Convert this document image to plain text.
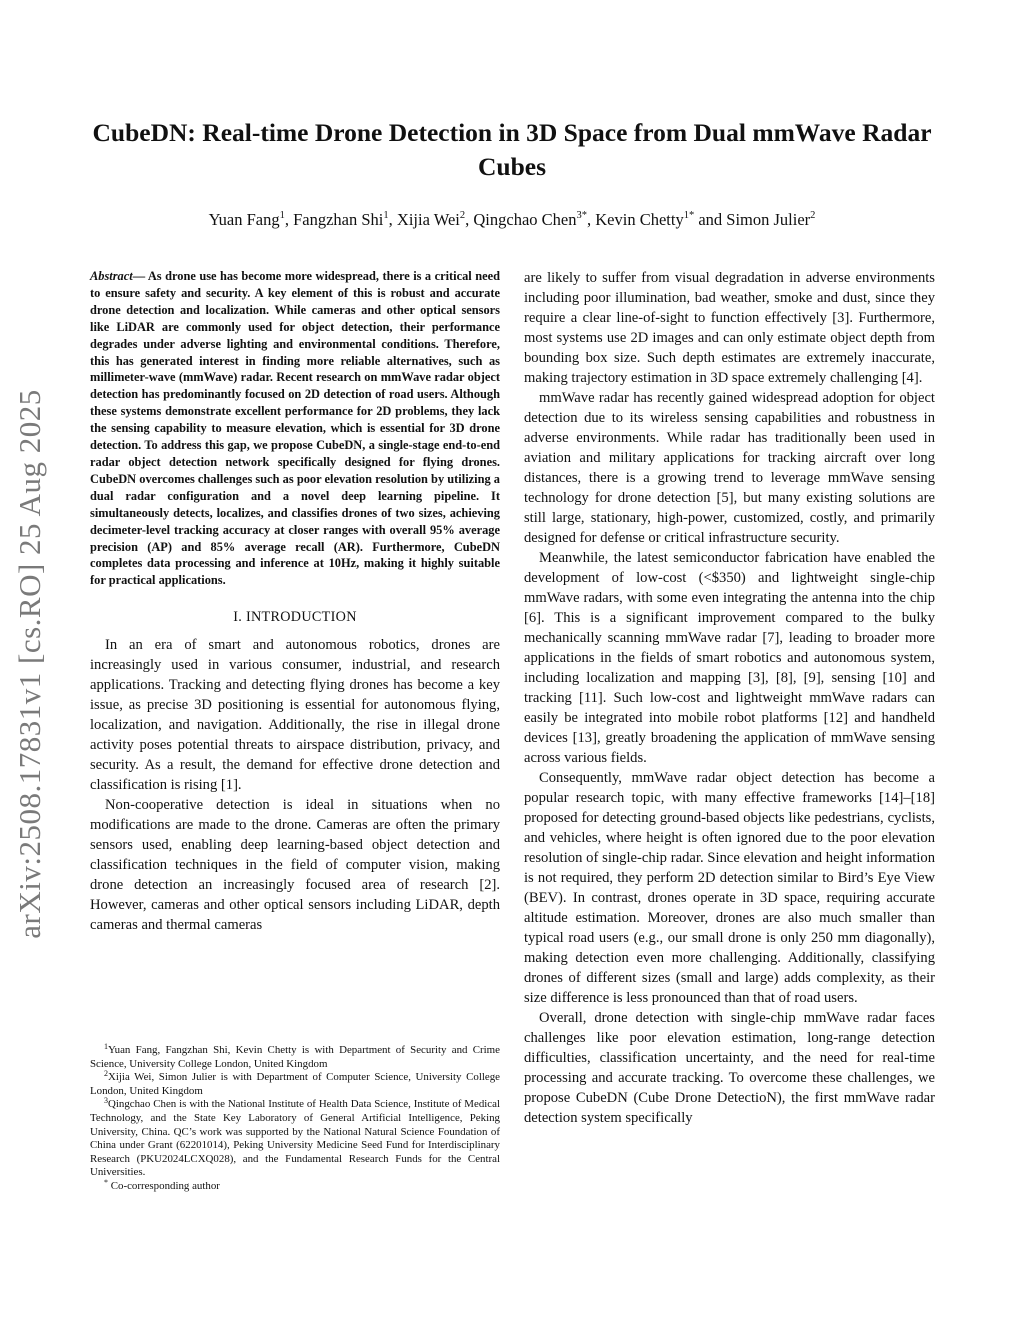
CubeDN: Real-time Drone Detection in 3D Space from Dual mmWave Radar Cubes
Yuan Fang$^1$, Fangzhan Shi$^1$, Xijia Wei$^2$, Qingchao Chen$^{3*}$, Kevin Chetty$^{1*}$ and Simon Julier$^2$
arXiv:2508.17831v1 [cs.RO] 25 Aug 2025

Abstract— As drone use has become more widespread, there is a critical need to ensure safety and security. A key element of this is robust and accurate drone detection and localization. While cameras and other optical sensors like LiDAR are commonly used for object detection, their performance degrades under adverse lighting and environmental conditions. Therefore, this has generated interest in finding more reliable alternatives, such as millimeter-wave (mmWave) radar. Recent research on mmWave radar object detection has predominantly focused on 2D detection of road users. Although these systems demonstrate excellent performance for 2D problems, they lack the sensing capability to measure elevation, which is essential for 3D drone detection. To address this gap, we propose CubeDN, a single-stage end-to-end radar object detection network specifically designed for flying drones. CubeDN overcomes challenges such as poor elevation resolution by utilizing a dual radar configuration and a novel deep learning pipeline. It simultaneously detects, localizes, and classifies drones of two sizes, achieving decimeter-level tracking accuracy at closer ranges with overall 95% average precision (AP) and 85% average recall (AR). Furthermore, CubeDN completes data processing and inference at 10Hz, making it highly suitable for practical applications.

I. INTRODUCTION

In an era of smart and autonomous robotics, drones are increasingly used in various consumer, industrial, and research applications. Tracking and detecting flying drones has become a key issue, as precise 3D positioning is essential for autonomous flying, localization, and navigation. Additionally, the rise in illegal drone activity poses potential threats to airspace distribution, privacy, and security. As a result, the demand for effective drone detection and classification is rising [1].

Non-cooperative detection is ideal in situations when no modifications are made to the drone. Cameras are often the primary sensors used, enabling deep learning-based object detection and classification techniques in the field of computer vision, making drone detection an increasingly focused area of research [2]. However, cameras and other optical sensors including LiDAR, depth cameras and thermal cameras

$^1$Yuan Fang, Fangzhan Shi, Kevin Chetty is with Department of Security and Crime Science, University College London, United Kingdom

$^2$Xijia Wei, Simon Julier is with Department of Computer Science, University College London, United Kingdom

$^3$Qingchao Chen is with the National Institute of Health Data Science, Institute of Medical Technology, and the State Key Laboratory of General Artificial Intelligence, Peking University, China. QC’s work was supported by the National Natural Science Foundation of China under Grant (62201014), Peking University Medicine Seed Fund for Interdisciplinary Research (PKU2024LCXQ028), and the Fundamental Research Funds for the Central Universities.

* Co-corresponding author

are likely to suffer from visual degradation in adverse environments including poor illumination, bad weather, smoke and dust, since they require a clear line-of-sight to function effectively [3]. Furthermore, most systems use 2D images and can only estimate object depth from bounding box size. Such depth estimates are extremely inaccurate, making trajectory estimation in 3D space extremely challenging [4].

mmWave radar has recently gained widespread adoption for object detection due to its wireless sensing capabilities and robustness in adverse environments. While radar has traditionally been used in aviation and military applications for tracking aircraft over long distances, there is a growing trend to leverage mmWave sensing technology for drone detection [5], but many existing solutions are still large, stationary, high-power, customized, costly, and primarily designed for defense or critical infrastructure security.

Meanwhile, the latest semiconductor fabrication have enabled the development of low-cost (<$350) and lightweight single-chip mmWave radars, with some even integrating the antenna into the chip [6]. This is a significant improvement compared to the bulky mechanically scanning mmWave radar [7], leading to broader more applications in the fields of smart robotics and autonomous system, including localization and mapping [3], [8], [9], sensing [10] and tracking [11]. Such low-cost and lightweight mmWave radars can easily be integrated into mobile robot platforms [12] and handheld devices [13], greatly broadening the application of mmWave sensing across various fields.

Consequently, mmWave radar object detection has become a popular research topic, with many effective frameworks [14]–[18] proposed for detecting ground-based objects like pedestrians, cyclists, and vehicles, where height is often ignored due to the poor elevation resolution of single-chip radar. Since elevation and height information is not required, they perform 2D detection similar to Bird’s Eye View (BEV). In contrast, drones operate in 3D space, requiring accurate altitude estimation. Moreover, drones are also much smaller than typical road users (e.g., our small drone is only 250 mm diagonally), making detection even more challenging. Additionally, classifying drones of different sizes (small and large) adds complexity, as their size difference is less pronounced than that of road users.

Overall, drone detection with single-chip mmWave radar faces challenges like poor elevation estimation, long-range detection difficulties, classification uncertainty, and the need for real-time processing and accurate tracking. To overcome these challenges, we propose CubeDN (Cube Drone DetectioN), the first mmWave radar detection system specifically
